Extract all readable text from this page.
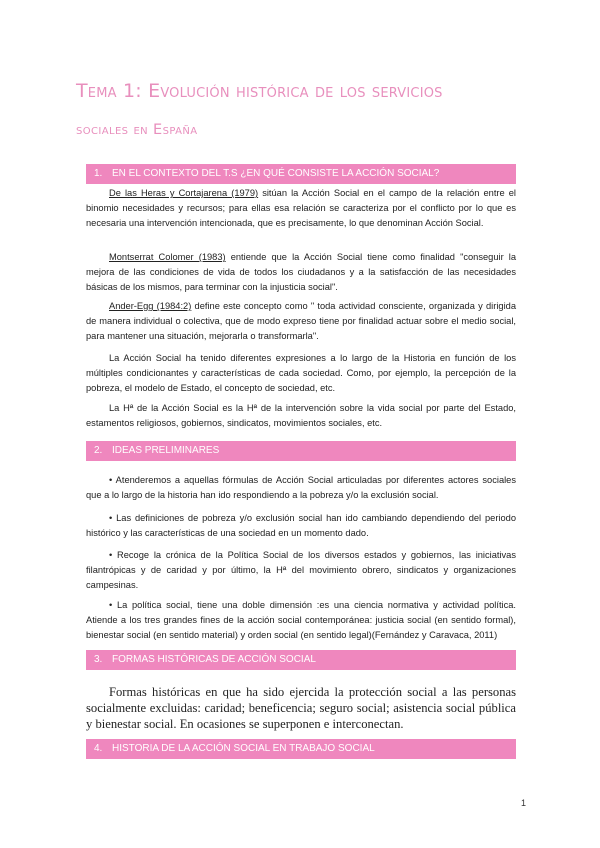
Tema 1: Evolución histórica de los servicios
sociales en España
1. EN EL CONTEXTO DEL T.S ¿EN QUÉ CONSISTE LA ACCIÓN SOCIAL?

De las Heras y Cortajarena (1979) sitúan la Acción Social en el campo de la relación entre el binomio necesidades y recursos; para ellas esa relación se caracteriza por el conflicto por lo que es necesaria una intervención intencionada, que es precisamente, lo que denominan Acción Social.

Montserrat Colomer (1983) entiende que la Acción Social tiene como finalidad "conseguir la mejora de las condiciones de vida de todos los ciudadanos y a la satisfacción de las necesidades básicas de los mismos, para terminar con la injusticia social".

Ander-Egg (1984:2) define este concepto como " toda actividad consciente, organizada y dirigida de manera individual o colectiva, que de modo expreso tiene por finalidad actuar sobre el medio social, para mantener una situación, mejorarla o transformarla".

La Acción Social ha tenido diferentes expresiones a lo largo de la Historia en función de los múltiples condicionantes y características de cada sociedad. Como, por ejemplo, la percepción de la pobreza, el modelo de Estado, el concepto de sociedad, etc.

La Hª de la Acción Social es la Hª de la intervención sobre la vida social por parte del Estado, estamentos religiosos, gobiernos, sindicatos, movimientos sociales, etc.

2. IDEAS PRELIMINARES

• Atenderemos a aquellas fórmulas de Acción Social articuladas por diferentes actores sociales que a lo largo de la historia han ido respondiendo a la pobreza y/o la exclusión social.

• Las definiciones de pobreza y/o exclusión social han ido cambiando dependiendo del periodo histórico y las características de una sociedad en un momento dado.

• Recoge la crónica de la Política Social de los diversos estados y gobiernos, las iniciativas filantrópicas y de caridad y por último, la Hª del movimiento obrero, sindicatos y organizaciones campesinas.

• La política social, tiene una doble dimensión :es una ciencia normativa y actividad política. Atiende a los tres grandes fines de la acción social contemporánea: justicia social (en sentido formal), bienestar social (en sentido material) y orden social (en sentido legal)(Fernández y Caravaca, 2011)

3. FORMAS HISTÓRICAS DE ACCIÓN SOCIAL

Formas históricas en que ha sido ejercida la protección social a las personas socialmente excluidas: caridad; beneficencia; seguro social; asistencia social pública y bienestar social. En ocasiones se superponen e interconectan.

4. HISTORIA DE LA ACCIÓN SOCIAL EN TRABAJO SOCIAL
1
